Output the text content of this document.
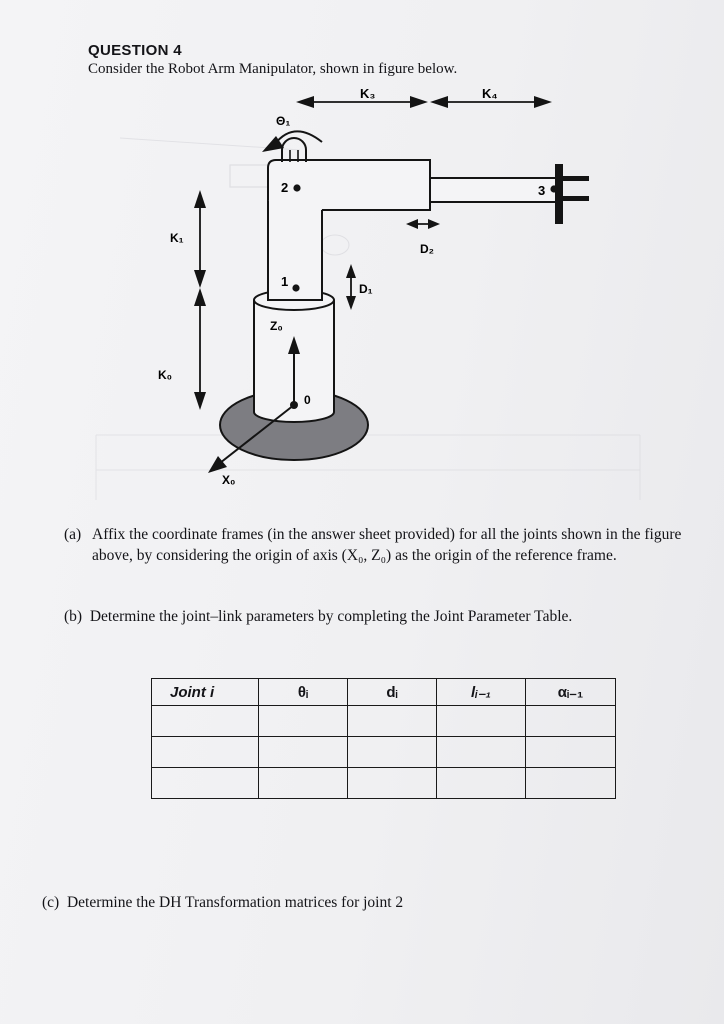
QUESTION 4
Consider the Robot Arm Manipulator, shown in figure below.
K₃	K₄
Θ₁
2	3
1
K₁
K₀
D₂
D₁
Z₀
0
X₀
(a) Affix the coordinate frames (in the answer sheet provided) for all the joints shown in the figure above, by considering the origin of axis (X₀, Z₀) as the origin of the reference frame.
(b) Determine the joint–link parameters by completing the Joint Parameter Table.
Joint i	θᵢ	dᵢ	lᵢ₋₁	αᵢ₋₁

(c) Determine the DH Transformation matrices for joint 2
